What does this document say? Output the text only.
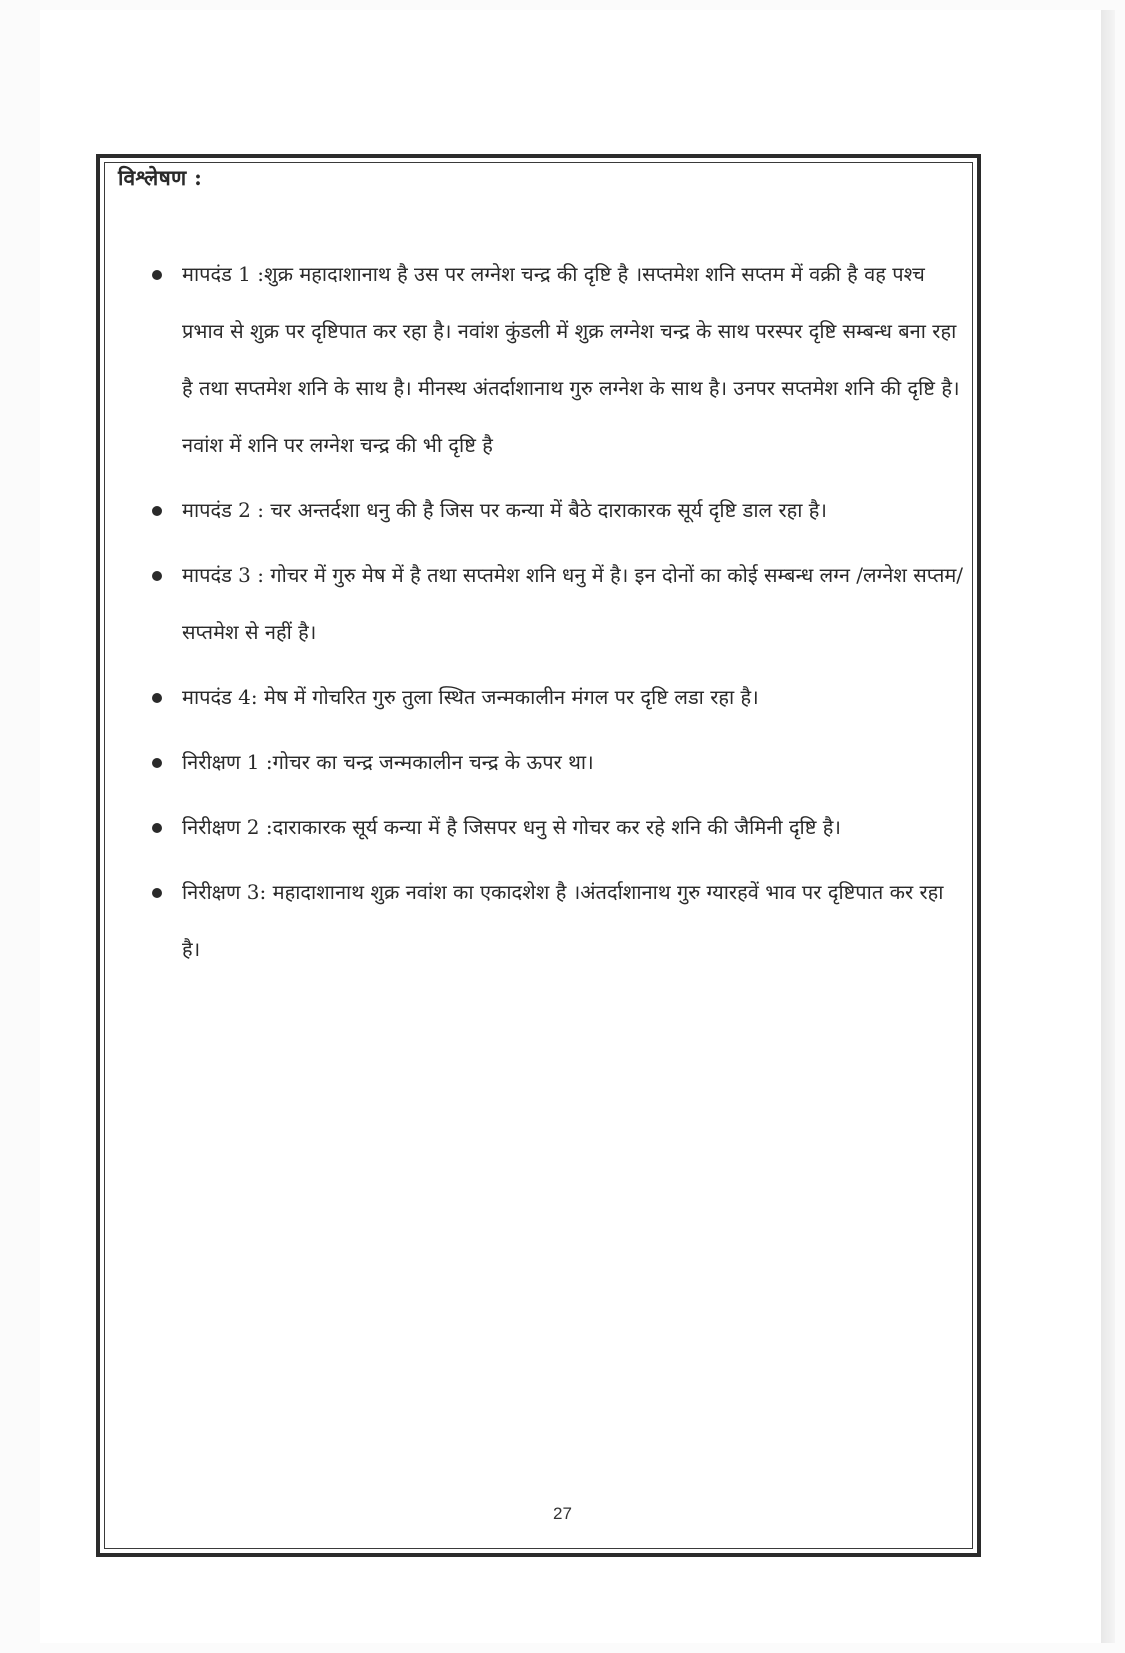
विश्लेषण :
मापदंड 1 :शुक्र महादाशानाथ है उस पर लग्नेश चन्द्र की दृष्टि है ।सप्तमेश शनि सप्तम में वक्री है वह पश्च प्रभाव से शुक्र पर दृष्टिपात कर रहा है। नवांश कुंडली में शुक्र लग्नेश चन्द्र के साथ परस्पर दृष्टि सम्बन्ध बना रहा है तथा सप्तमेश शनि के साथ है। मीनस्थ अंतर्दाशानाथ गुरु लग्नेश के साथ है। उनपर सप्तमेश शनि की दृष्टि है। नवांश में शनि पर लग्नेश चन्द्र की भी दृष्टि है
मापदंड 2 : चर अन्तर्दशा धनु की है जिस पर कन्या में बैठे दाराकारक सूर्य दृष्टि डाल रहा है।
मापदंड 3 : गोचर में गुरु मेष में है तथा सप्तमेश शनि धनु में है। इन दोनों का कोई सम्बन्ध लग्न /लग्नेश सप्तम/सप्तमेश से नहीं है।
मापदंड 4: मेष में गोचरित गुरु तुला स्थित जन्मकालीन मंगल पर दृष्टि लडा रहा है।
निरीक्षण 1 :गोचर का चन्द्र जन्मकालीन चन्द्र के ऊपर था।
निरीक्षण 2 :दाराकारक सूर्य कन्या में है जिसपर धनु से गोचर कर रहे शनि की जैमिनी दृष्टि है।
निरीक्षण 3: महादाशानाथ शुक्र नवांश का एकादशेश है ।अंतर्दाशानाथ गुरु ग्यारहवें भाव पर दृष्टिपात कर रहा है।
27
